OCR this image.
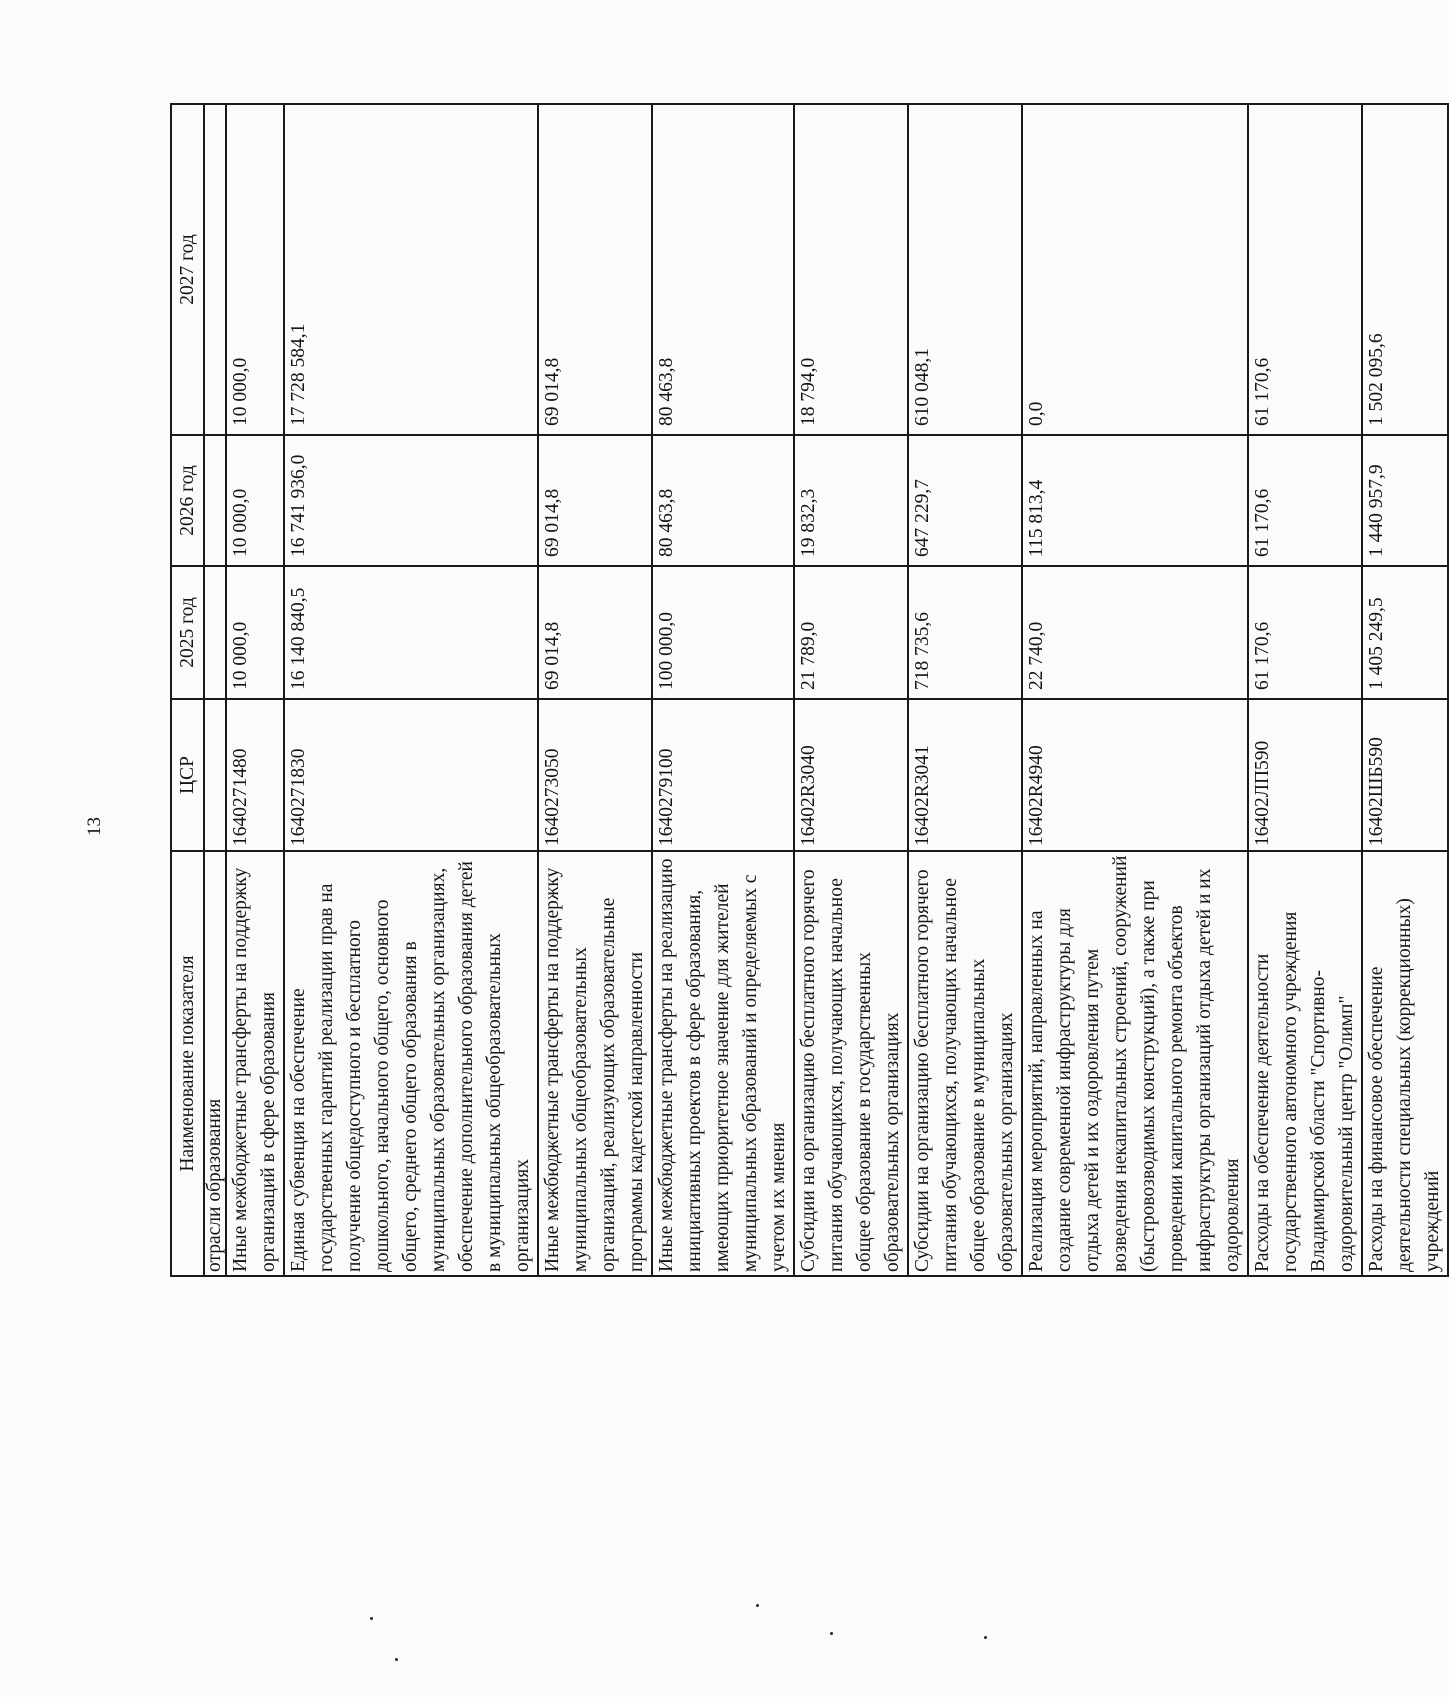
13
Наименование показателя	ЦСР	2025 год	2026 год	2027 год
отрасли образования				
Иные межбюджетные трансферты на поддержку организаций в сфере образования	1640271480	10 000,0	10 000,0	10 000,0
Единая субвенция на обеспечение государственных гарантий реализации прав на получение общедоступного и бесплатного дошкольного, начального общего, основного общего, среднего общего образования в муниципальных образовательных организациях, обеспечение дополнительного образования детей в муниципальных общеобразовательных организациях	1640271830	16 140 840,5	16 741 936,0	17 728 584,1
Иные межбюджетные трансферты на поддержку муниципальных общеобразовательных организаций, реализующих образовательные программы кадетской направленности	1640273050	69 014,8	69 014,8	69 014,8
Иные межбюджетные трансферты на реализацию инициативных проектов в сфере образования, имеющих приоритетное значение для жителей муниципальных образований и определяемых с учетом их мнения	1640279100	100 000,0	80 463,8	80 463,8
Субсидии на организацию бесплатного горячего питания обучающихся, получающих начальное общее образование в государственных образовательных организациях	16402R3040	21 789,0	19 832,3	18 794,0
Субсидии на организацию бесплатного горячего питания обучающихся, получающих начальное общее образование в муниципальных образовательных организациях	16402R3041	718 735,6	647 229,7	610 048,1
Реализация мероприятий, направленных на создание современной инфраструктуры для отдыха детей и их оздоровления путем возведения некапитальных строений, сооружений (быстровозводимых конструкций), а также при проведении капитального ремонта объектов инфраструктуры организаций отдыха детей и их оздоровления	16402R4940	22 740,0	115 813,4	0,0
Расходы на обеспечение деятельности государственного автономного учреждения Владимирской области "Спортивно-оздоровительный центр "Олимп"	16402ЛП590	61 170,6	61 170,6	61 170,6
Расходы на финансовое обеспечение деятельности специальных (коррекционных) учреждений	16402ШБ590	1 405 249,5	1 440 957,9	1 502 095,6
